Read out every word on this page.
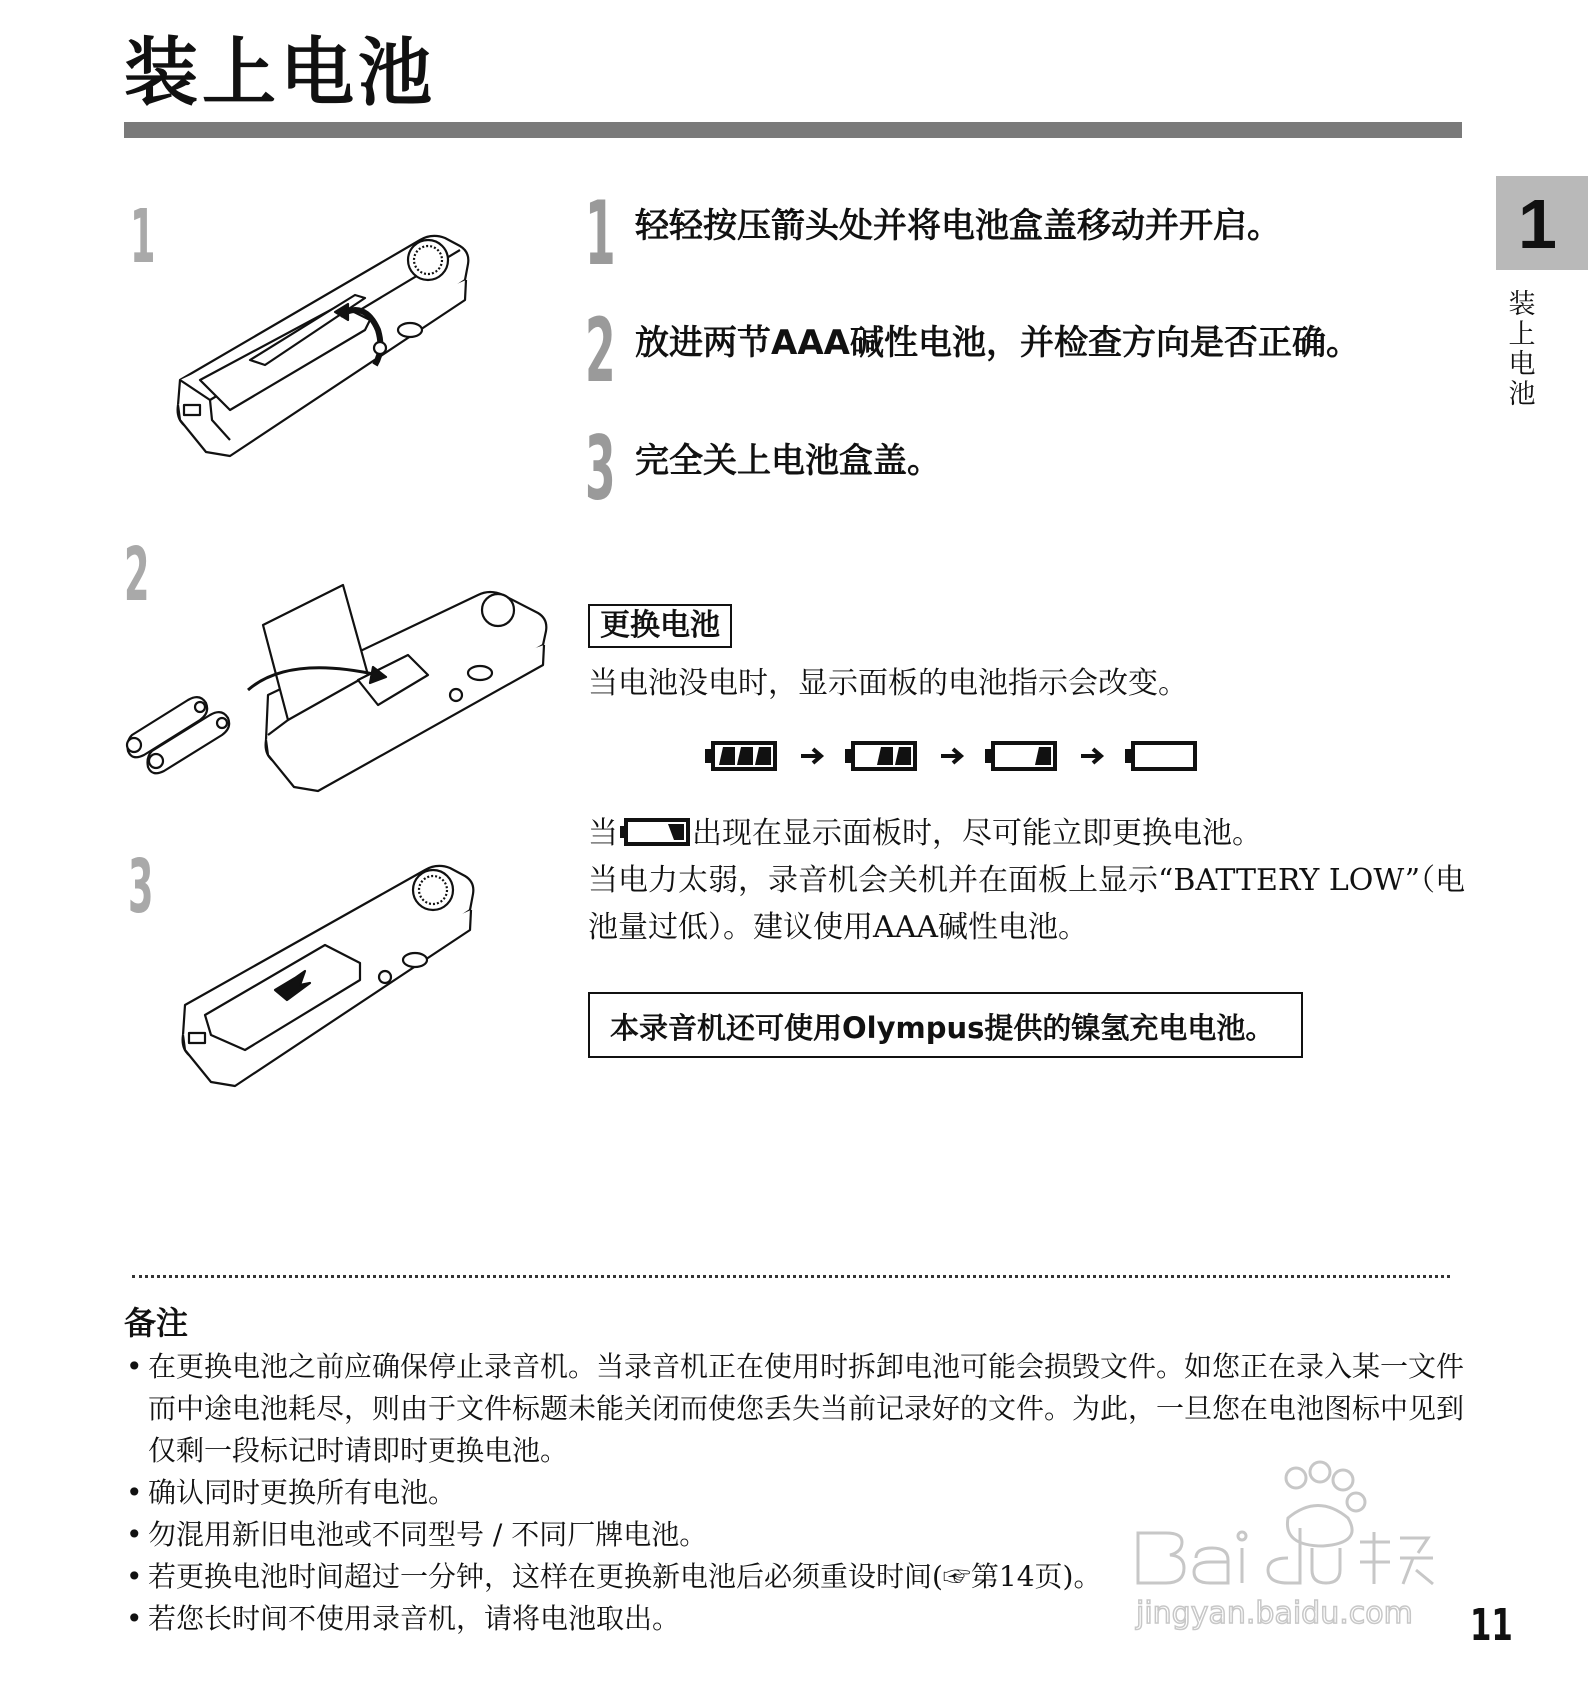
装上电池
1
装上电池
1
2
3
1 轻轻按压箭头处并将电池盒盖移动并开启。
2 放进两节AAA碱性电池，并检查方向是否正确。
3 完全关上电池盒盖。
更换电池
当电池没电时，显示面板的电池指示会改变。
当 出现在显示面板时，尽可能立即更换电池。
当电力太弱，录音机会关机并在面板上显示“BATTERY LOW”（电
池量过低）。建议使用AAA碱性电池。
本录音机还可使用Olympus提供的镍氢充电电池。
备注
• 在更换电池之前应确保停止录音机。当录音机正在使用时拆卸电池可能会损毁文件。如您正在录入某一文件
而中途电池耗尽，则由于文件标题未能关闭而使您丢失当前记录好的文件。为此，一旦您在电池图标中见到
仅剩一段标记时请即时更换电池。
• 确认同时更换所有电池。
• 勿混用新旧电池或不同型号 / 不同厂牌电池。
• 若更换电池时间超过一分钟，这样在更换新电池后必须重设时间(☞第14页)。
• 若您长时间不使用录音机，请将电池取出。	11
jingyan.baidu.com
